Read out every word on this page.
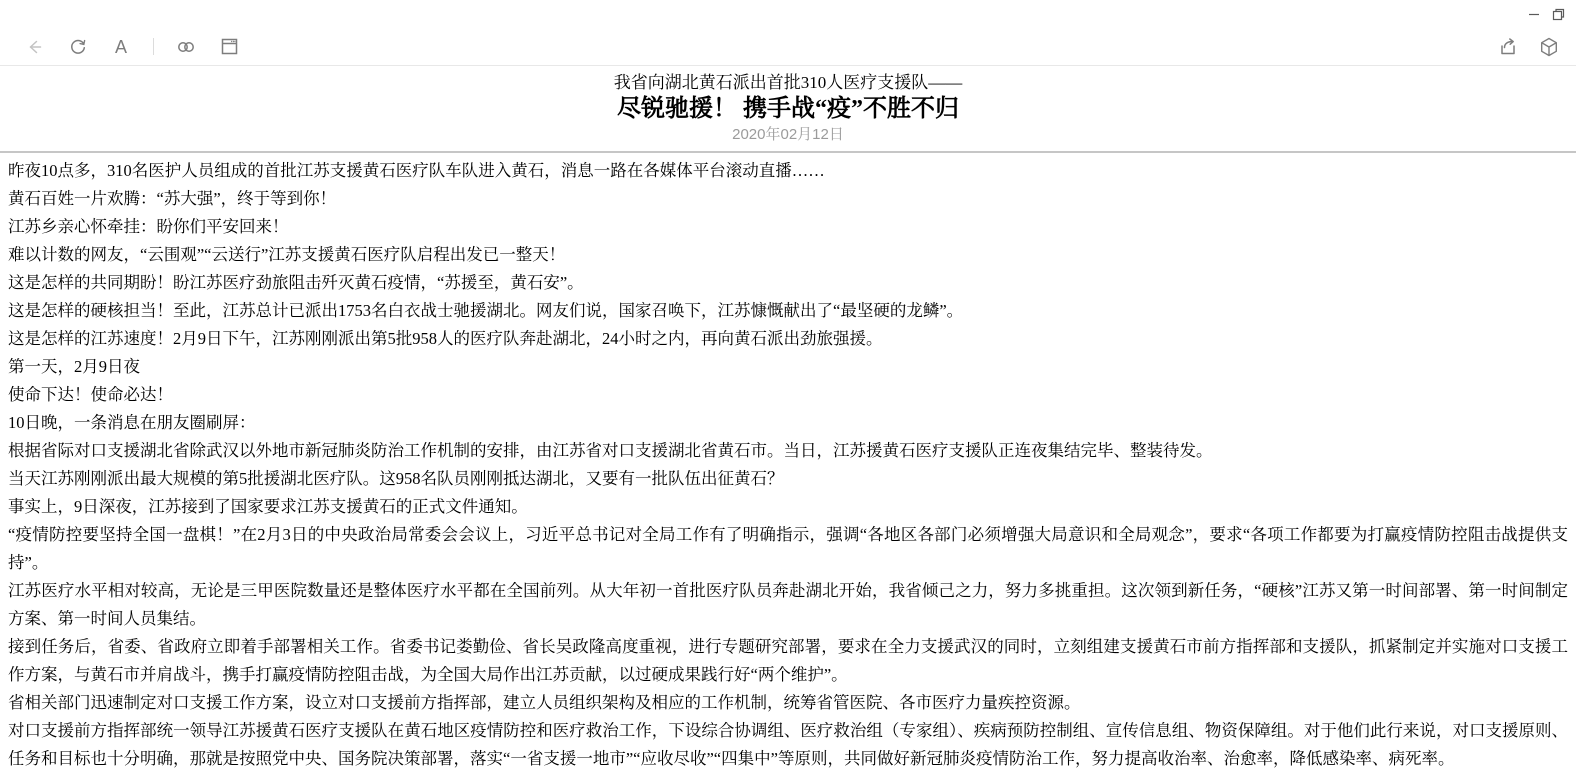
A
我省向湖北黄石派出首批310人医疗支援队——
尽锐驰援！ 携手战“疫”不胜不归
2020年02月12日

昨夜10点多，310名医护人员组成的首批江苏支援黄石医疗队车队进入黄石，消息一路在各媒体平台滚动直播……

黄石百姓一片欢腾：“苏大强”，终于等到你！

江苏乡亲心怀牵挂：盼你们平安回来！

难以计数的网友，“云围观”“云送行”江苏支援黄石医疗队启程出发已一整天！

这是怎样的共同期盼！盼江苏医疗劲旅阻击歼灭黄石疫情，“苏援至，黄石安”。

这是怎样的硬核担当！至此，江苏总计已派出1753名白衣战士驰援湖北。网友们说，国家召唤下，江苏慷慨献出了“最坚硬的龙鳞”。

这是怎样的江苏速度！2月9日下午，江苏刚刚派出第5批958人的医疗队奔赴湖北，24小时之内，再向黄石派出劲旅强援。

第一天，2月9日夜

使命下达！使命必达！

10日晚，一条消息在朋友圈刷屏：

根据省际对口支援湖北省除武汉以外地市新冠肺炎防治工作机制的安排，由江苏省对口支援湖北省黄石市。当日，江苏援黄石医疗支援队正连夜集结完毕、整装待发。

当天江苏刚刚派出最大规模的第5批援湖北医疗队。这958名队员刚刚抵达湖北，又要有一批队伍出征黄石？

事实上，9日深夜，江苏接到了国家要求江苏支援黄石的正式文件通知。

“疫情防控要坚持全国一盘棋！”在2月3日的中央政治局常委会会议上，习近平总书记对全局工作有了明确指示，强调“各地区各部门必须增强大局意识和全局观念”，要求“各项工作都要为打赢疫情防控阻击战提供支持”。

江苏医疗水平相对较高，无论是三甲医院数量还是整体医疗水平都在全国前列。从大年初一首批医疗队员奔赴湖北开始，我省倾己之力，努力多挑重担。这次领到新任务，“硬核”江苏又第一时间部署、第一时间制定方案、第一时间人员集结。

接到任务后，省委、省政府立即着手部署相关工作。省委书记娄勤俭、省长吴政隆高度重视，进行专题研究部署，要求在全力支援武汉的同时，立刻组建支援黄石市前方指挥部和支援队，抓紧制定并实施对口支援工作方案，与黄石市并肩战斗，携手打赢疫情防控阻击战，为全国大局作出江苏贡献，以过硬成果践行好“两个维护”。

省相关部门迅速制定对口支援工作方案，设立对口支援前方指挥部，建立人员组织架构及相应的工作机制，统筹省管医院、各市医疗力量疾控资源。

对口支援前方指挥部统一领导江苏援黄石医疗支援队在黄石地区疫情防控和医疗救治工作，下设综合协调组、医疗救治组（专家组）、疾病预防控制组、宣传信息组、物资保障组。对于他们此行来说，对口支援原则、任务和目标也十分明确，那就是按照党中央、国务院决策部署，落实“一省支援一地市”“应收尽收”“四集中”等原则，共同做好新冠肺炎疫情防治工作，努力提高收治率、治愈率，降低感染率、病死率。
